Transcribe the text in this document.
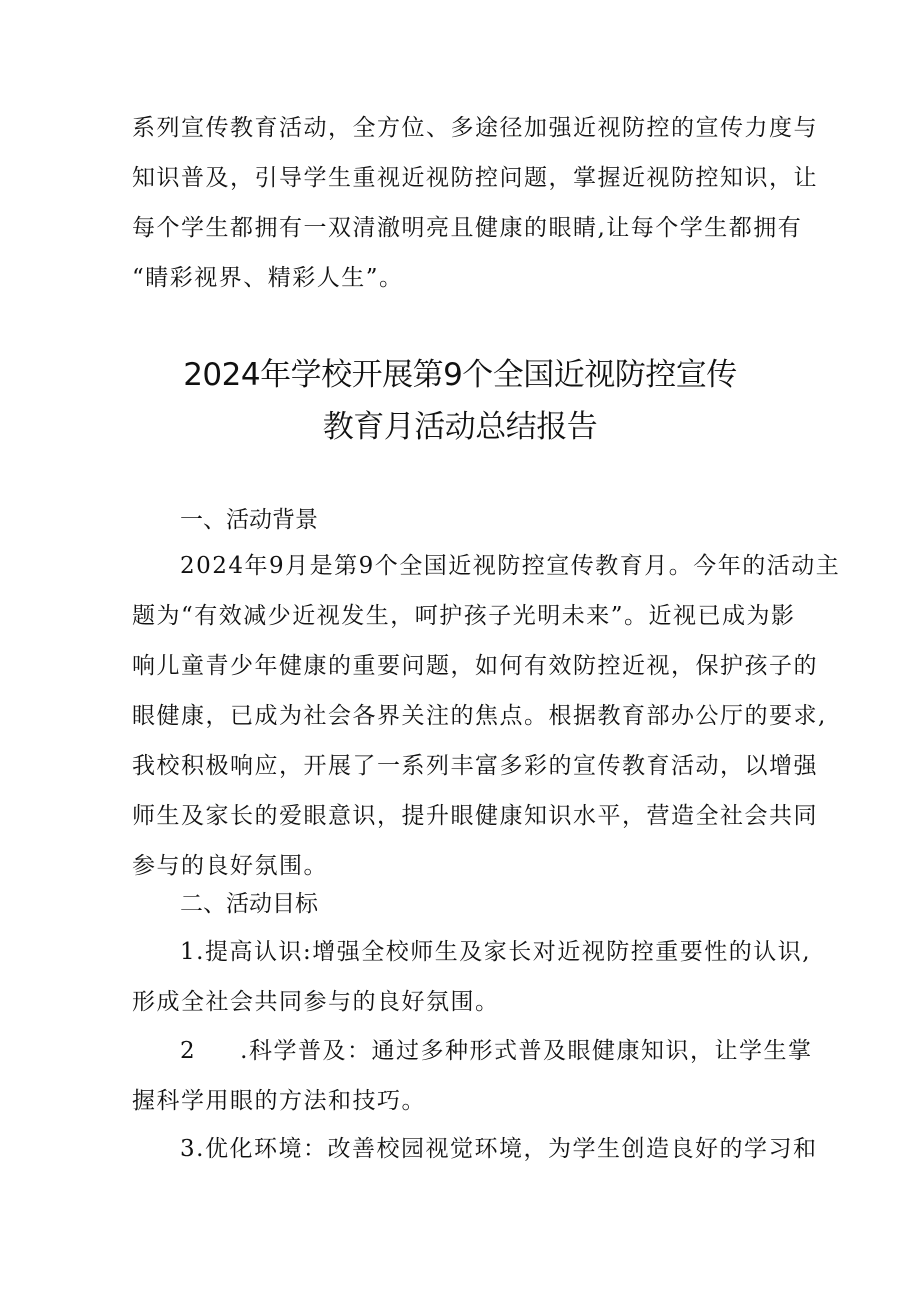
系列宣传教育活动，全方位、多途径加强近视防控的宣传力度与
知识普及，引导学生重视近视防控问题，掌握近视防控知识，让
每个学生都拥有一双清澈明亮且健康的眼睛,让每个学生都拥有
“睛彩视界、精彩人生”。
2024年学校开展第9个全国近视防控宣传
教育月活动总结报告
一、活动背景
2024年9月是第9个全国近视防控宣传教育月。今年的活动主
题为“有效减少近视发生，呵护孩子光明未来”。近视已成为影
响儿童青少年健康的重要问题，如何有效防控近视，保护孩子的
眼健康，已成为社会各界关注的焦点。根据教育部办公厅的要求,
我校积极响应，开展了一系列丰富多彩的宣传教育活动，以增强
师生及家长的爱眼意识，提升眼健康知识水平，营造全社会共同
参与的良好氛围。
二、活动目标
1.提高认识:增强全校师生及家长对近视防控重要性的认识,
形成全社会共同参与的良好氛围。
2 .科学普及：通过多种形式普及眼健康知识，让学生掌
握科学用眼的方法和技巧。
3.优化环境：改善校园视觉环境，为学生创造良好的学习和
